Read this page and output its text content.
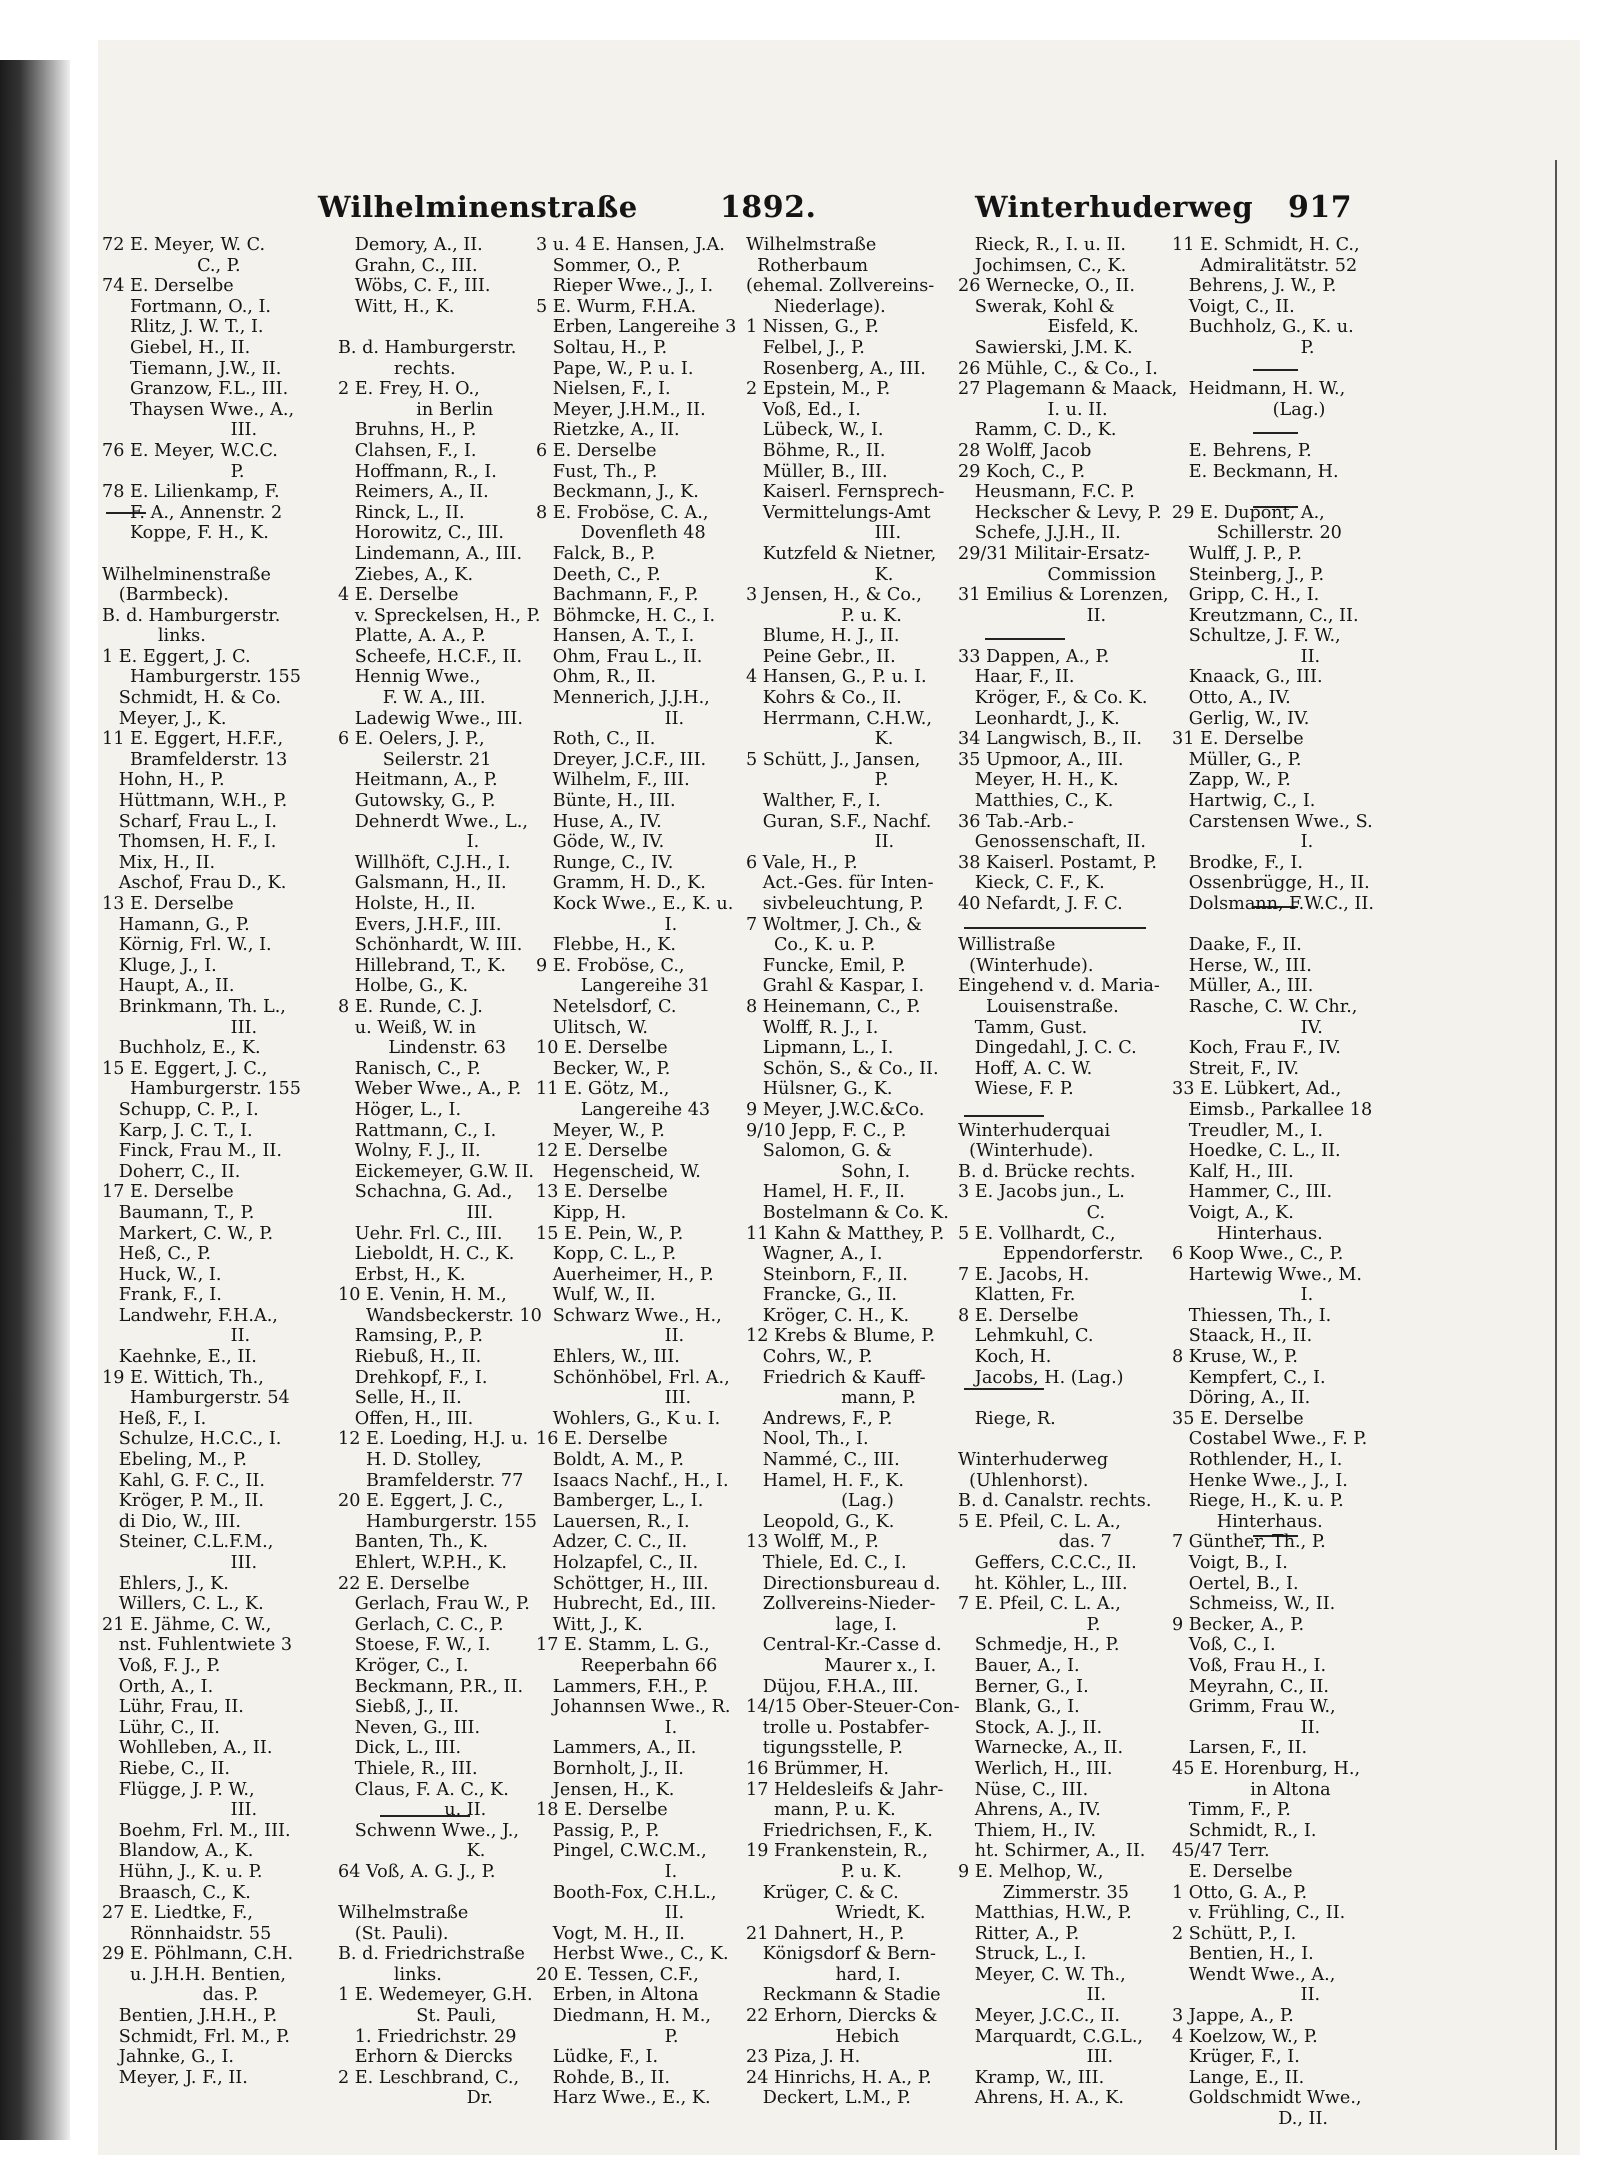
Wilhelminenstraße	1892.	Winterhuderweg 917
72 E. Meyer, W. C.
C., P.
74 E. Derselbe
Fortmann, O., I.
Rlitz, J. W. T., I.
Giebel, H., II.
Tiemann, J.W., II.
Granzow, F.L., III.
Thaysen Wwe., A.,
III.
76 E. Meyer, W.C.C.
P.
78 E. Lilienkamp, F.
F. A., Annenstr. 2
Koppe, F. H., K.
Wilhelminenstraße
(Barmbeck).
B. d. Hamburgerstr.
links.
1 E. Eggert, J. C.
Hamburgerstr. 155
Schmidt, H. & Co.
Meyer, J., K.
11 E. Eggert, H.F.F.,
Bramfelderstr. 13
Hohn, H., P.
Hüttmann, W.H., P.
Scharf, Frau L., I.
Thomsen, H. F., I.
Mix, H., II.
Aschof, Frau D., K.
13 E. Derselbe
Hamann, G., P.
Körnig, Frl. W., I.
Kluge, J., I.
Haupt, A., II.
Brinkmann, Th. L.,
III.
Buchholz, E., K.
15 E. Eggert, J. C.,
Hamburgerstr. 155
Schupp, C. P., I.
Karp, J. C. T., I.
Finck, Frau M., II.
Doherr, C., II.
17 E. Derselbe
Baumann, T., P.
Markert, C. W., P.
Heß, C., P.
Huck, W., I.
Frank, F., I.
Landwehr, F.H.A.,
II.
Kaehnke, E., II.
19 E. Wittich, Th.,
Hamburgerstr. 54
Heß, F., I.
Schulze, H.C.C., I.
Ebeling, M., P.
Kahl, G. F. C., II.
Kröger, P. M., II.
di Dio, W., III.
Steiner, C.L.F.M.,
III.
Ehlers, J., K.
Willers, C. L., K.
21 E. Jähme, C. W.,
nst. Fuhlentwiete 3
Voß, F. J., P.
Orth, A., I.
Lühr, Frau, II.
Lühr, C., II.
Wohlleben, A., II.
Riebe, C., II.
Flügge, J. P. W.,
III.
Boehm, Frl. M., III.
Blandow, A., K.
Hühn, J., K. u. P.
Braasch, C., K.
27 E. Liedtke, F.,
Rönnhaidstr. 55
29 E. Pöhlmann, C.H.
u. J.H.H. Bentien,
das. P.
Bentien, J.H.H., P.
Schmidt, Frl. M., P.
Jahnke, G., I.
Meyer, J. F., II.
Demory, A., II.
Grahn, C., III.
Wöbs, C. F., III.
Witt, H., K.
B. d. Hamburgerstr.
rechts.
2 E. Frey, H. O.,
in Berlin
Bruhns, H., P.
Clahsen, F., I.
Hoffmann, R., I.
Reimers, A., II.
Rinck, L., II.
Horowitz, C., III.
Lindemann, A., III.
Ziebes, A., K.
4 E. Derselbe
v. Spreckelsen, H., P.
Platte, A. A., P.
Scheefe, H.C.F., II.
Hennig Wwe.,
F. W. A., III.
Ladewig Wwe., III.
6 E. Oelers, J. P.,
Seilerstr. 21
Heitmann, A., P.
Gutowsky, G., P.
Dehnerdt Wwe., L.,
I.
Willhöft, C.J.H., I.
Galsmann, H., II.
Holste, H., II.
Evers, J.H.F., III.
Schönhardt, W. III.
Hillebrand, T., K.
Holbe, G., K.
8 E. Runde, C. J.
u. Weiß, W. in
Lindenstr. 63
Ranisch, C., P.
Weber Wwe., A., P.
Höger, L., I.
Rattmann, C., I.
Wolny, F. J., II.
Eickemeyer, G.W. II.
Schachna, G. Ad.,
III.
Uehr. Frl. C., III.
Lieboldt, H. C., K.
Erbst, H., K.
10 E. Venin, H. M.,
Wandsbeckerstr. 10
Ramsing, P., P.
Riebuß, H., II.
Drehkopf, F., I.
Selle, H., II.
Offen, H., III.
12 E. Loeding, H.J. u.
H. D. Stolley,
Bramfelderstr. 77
20 E. Eggert, J. C.,
Hamburgerstr. 155
Banten, Th., K.
Ehlert, W.P.H., K.
22 E. Derselbe
Gerlach, Frau W., P.
Gerlach, C. C., P.
Stoese, F. W., I.
Kröger, C., I.
Beckmann, P.R., II.
Siebß, J., II.
Neven, G., III.
Dick, L., III.
Thiele, R., III.
Claus, F. A. C., K.
u. II.
Schwenn Wwe., J.,
K.
64 Voß, A. G. J., P.
Wilhelmstraße
(St. Pauli).
B. d. Friedrichstraße
links.
1 E. Wedemeyer, G.H.
St. Pauli,
1. Friedrichstr. 29
Erhorn & Diercks
2 E. Leschbrand, C.,
Dr.
3 u. 4 E. Hansen, J.A.
Sommer, O., P.
Rieper Wwe., J., I.
5 E. Wurm, F.H.A.
Erben, Langereihe 3
Soltau, H., P.
Pape, W., P. u. I.
Nielsen, F., I.
Meyer, J.H.M., II.
Rietzke, A., II.
6 E. Derselbe
Fust, Th., P.
Beckmann, J., K.
8 E. Froböse, C. A.,
Dovenfleth 48
Falck, B., P.
Deeth, C., P.
Bachmann, F., P.
Böhmcke, H. C., I.
Hansen, A. T., I.
Ohm, Frau L., II.
Ohm, R., II.
Mennerich, J.J.H.,
II.
Roth, C., II.
Dreyer, J.C.F., III.
Wilhelm, F., III.
Bünte, H., III.
Huse, A., IV.
Göde, W., IV.
Runge, C., IV.
Gramm, H. D., K.
Kock Wwe., E., K. u.
I.
Flebbe, H., K.
9 E. Froböse, C.,
Langereihe 31
Netelsdorf, C.
Ulitsch, W.
10 E. Derselbe
Becker, W., P.
11 E. Götz, M.,
Langereihe 43
Meyer, W., P.
12 E. Derselbe
Hegenscheid, W.
13 E. Derselbe
Kipp, H.
15 E. Pein, W., P.
Kopp, C. L., P.
Auerheimer, H., P.
Wulf, W., II.
Schwarz Wwe., H.,
II.
Ehlers, W., III.
Schönhöbel, Frl. A.,
III.
Wohlers, G., K u. I.
16 E. Derselbe
Boldt, A. M., P.
Isaacs Nachf., H., I.
Bamberger, L., I.
Lauersen, R., I.
Adzer, C. C., II.
Holzapfel, C., II.
Schöttger, H., III.
Hubrecht, Ed., III.
Witt, J., K.
17 E. Stamm, L. G.,
Reeperbahn 66
Lammers, F.H., P.
Johannsen Wwe., R.
I.
Lammers, A., II.
Bornholt, J., II.
Jensen, H., K.
18 E. Derselbe
Passig, P., P.
Pingel, C.W.C.M.,
I.
Booth-Fox, C.H.L.,
II.
Vogt, M. H., II.
Herbst Wwe., C., K.
20 E. Tessen, C.F.,
Erben, in Altona
Diedmann, H. M.,
P.
Lüdke, F., I.
Rohde, B., II.
Harz Wwe., E., K.
Wilhelmstraße
Rotherbaum
(ehemal. Zollvereins-
Niederlage).
1 Nissen, G., P.
Felbel, J., P.
Rosenberg, A., III.
2 Epstein, M., P.
Voß, Ed., I.
Lübeck, W., I.
Böhme, R., II.
Müller, B., III.
Kaiserl. Fernsprech-
Vermittelungs-Amt
III.
Kutzfeld & Nietner,
K.
3 Jensen, H., & Co.,
P. u. K.
Blume, H. J., II.
Peine Gebr., II.
4 Hansen, G., P. u. I.
Kohrs & Co., II.
Herrmann, C.H.W.,
K.
5 Schütt, J., Jansen,
P.
Walther, F., I.
Guran, S.F., Nachf.
II.
6 Vale, H., P.
Act.-Ges. für Inten-
sivbeleuchtung, P.
7 Woltmer, J. Ch., &
Co., K. u. P.
Funcke, Emil, P.
Grahl & Kaspar, I.
8 Heinemann, C., P.
Wolff, R. J., I.
Lipmann, L., I.
Schön, S., & Co., II.
Hülsner, G., K.
9 Meyer, J.W.C.&Co.
9/10 Jepp, F. C., P.
Salomon, G. &
Sohn, I.
Hamel, H. F., II.
Bostelmann & Co. K.
11 Kahn & Matthey, P.
Wagner, A., I.
Steinborn, F., II.
Francke, G., II.
Kröger, C. H., K.
12 Krebs & Blume, P.
Cohrs, W., P.
Friedrich & Kauff-
mann, P.
Andrews, F., P.
Nool, Th., I.
Nammé, C., III.
Hamel, H. F., K.
(Lag.)
Leopold, G., K.
13 Wolff, M., P.
Thiele, Ed. C., I.
Directionsbureau d.
Zollvereins-Nieder-
lage, I.
Central-Kr.-Casse d.
Maurer x., I.
Düjou, F.H.A., III.
14/15 Ober-Steuer-Con-
trolle u. Postabfer-
tigungsstelle, P.
16 Brümmer, H.
17 Heldesleifs & Jahr-
mann, P. u. K.
Friedrichsen, F., K.
19 Frankenstein, R.,
P. u. K.
Krüger, C. & C.
Wriedt, K.
21 Dahnert, H., P.
Königsdorf & Bern-
hard, I.
Reckmann & Stadie
22 Erhorn, Diercks &
Hebich
23 Piza, J. H.
24 Hinrichs, H. A., P.
Deckert, L.M., P.
Rieck, R., I. u. II.
Jochimsen, C., K.
26 Wernecke, O., II.
Swerak, Kohl &
Eisfeld, K.
Sawierski, J.M. K.
26 Mühle, C., & Co., I.
27 Plagemann & Maack,
I. u. II.
Ramm, C. D., K.
28 Wolff, Jacob
29 Koch, C., P.
Heusmann, F.C. P.
Heckscher & Levy, P.
Schefe, J.J.H., II.
29/31 Militair-Ersatz-
Commission
31 Emilius & Lorenzen,
II.
33 Dappen, A., P.
Haar, F., II.
Kröger, F., & Co. K.
Leonhardt, J., K.
34 Langwisch, B., II.
35 Upmoor, A., III.
Meyer, H. H., K.
Matthies, C., K.
36 Tab.-Arb.-
Genossenschaft, II.
38 Kaiserl. Postamt, P.
Kieck, C. F., K.
40 Nefardt, J. F. C.
Willistraße
(Winterhude).
Eingehend v. d. Maria-
Louisenstraße.
Tamm, Gust.
Dingedahl, J. C. C.
Hoff, A. C. W.
Wiese, F. P.
Winterhuderquai
(Winterhude).
B. d. Brücke rechts.
3 E. Jacobs jun., L.
C.
5 E. Vollhardt, C.,
Eppendorferstr.
7 E. Jacobs, H.
Klatten, Fr.
8 E. Derselbe
Lehmkuhl, C.
Koch, H.
Jacobs, H. (Lag.)
Riege, R.
Winterhuderweg
(Uhlenhorst).
B. d. Canalstr. rechts.
5 E. Pfeil, C. L. A.,
das. 7
Geffers, C.C.C., II.
ht. Köhler, L., III.
7 E. Pfeil, C. L. A.,
P.
Schmedje, H., P.
Bauer, A., I.
Berner, G., I.
Blank, G., I.
Stock, A. J., II.
Warnecke, A., II.
Werlich, H., III.
Nüse, C., III.
Ahrens, A., IV.
Thiem, H., IV.
ht. Schirmer, A., II.
9 E. Melhop, W.,
Zimmerstr. 35
Matthias, H.W., P.
Ritter, A., P.
Struck, L., I.
Meyer, C. W. Th.,
II.
Meyer, J.C.C., II.
Marquardt, C.G.L.,
III.
Kramp, W., III.
Ahrens, H. A., K.
11 E. Schmidt, H. C.,
Admiralitätstr. 52
Behrens, J. W., P.
Voigt, C., II.
Buchholz, G., K. u.
P.
Heidmann, H. W.,
(Lag.)
E. Behrens, P.
E. Beckmann, H.
29 E. Dupont, A.,
Schillerstr. 20
Wulff, J. P., P.
Steinberg, J., P.
Gripp, C. H., I.
Kreutzmann, C., II.
Schultze, J. F. W.,
II.
Knaack, G., III.
Otto, A., IV.
Gerlig, W., IV.
31 E. Derselbe
Müller, G., P.
Zapp, W., P.
Hartwig, C., I.
Carstensen Wwe., S.
I.
Brodke, F., I.
Ossenbrügge, H., II.
Dolsmann, F.W.C., II.
Daake, F., II.
Herse, W., III.
Müller, A., III.
Rasche, C. W. Chr.,
IV.
Koch, Frau F., IV.
Streit, F., IV.
33 E. Lübkert, Ad.,
Eimsb., Parkallee 18
Treudler, M., I.
Hoedke, C. L., II.
Kalf, H., III.
Hammer, C., III.
Voigt, A., K.
Hinterhaus.
6 Koop Wwe., C., P.
Hartewig Wwe., M.
I.
Thiessen, Th., I.
Staack, H., II.
8 Kruse, W., P.
Kempfert, C., I.
Döring, A., II.
35 E. Derselbe
Costabel Wwe., F. P.
Rothlender, H., I.
Henke Wwe., J., I.
Riege, H., K. u. P.
Hinterhaus.
7 Günther, Th., P.
Voigt, B., I.
Oertel, B., I.
Schmeiss, W., II.
9 Becker, A., P.
Voß, C., I.
Voß, Frau H., I.
Meyrahn, C., II.
Grimm, Frau W.,
II.
Larsen, F., II.
45 E. Horenburg, H.,
in Altona
Timm, F., P.
Schmidt, R., I.
45/47 Terr.
E. Derselbe
1 Otto, G. A., P.
v. Frühling, C., II.
2 Schütt, P., I.
Bentien, H., I.
Wendt Wwe., A.,
II.
3 Jappe, A., P.
4 Koelzow, W., P.
Krüger, F., I.
Lange, E., II.
Goldschmidt Wwe.,
D., II.
